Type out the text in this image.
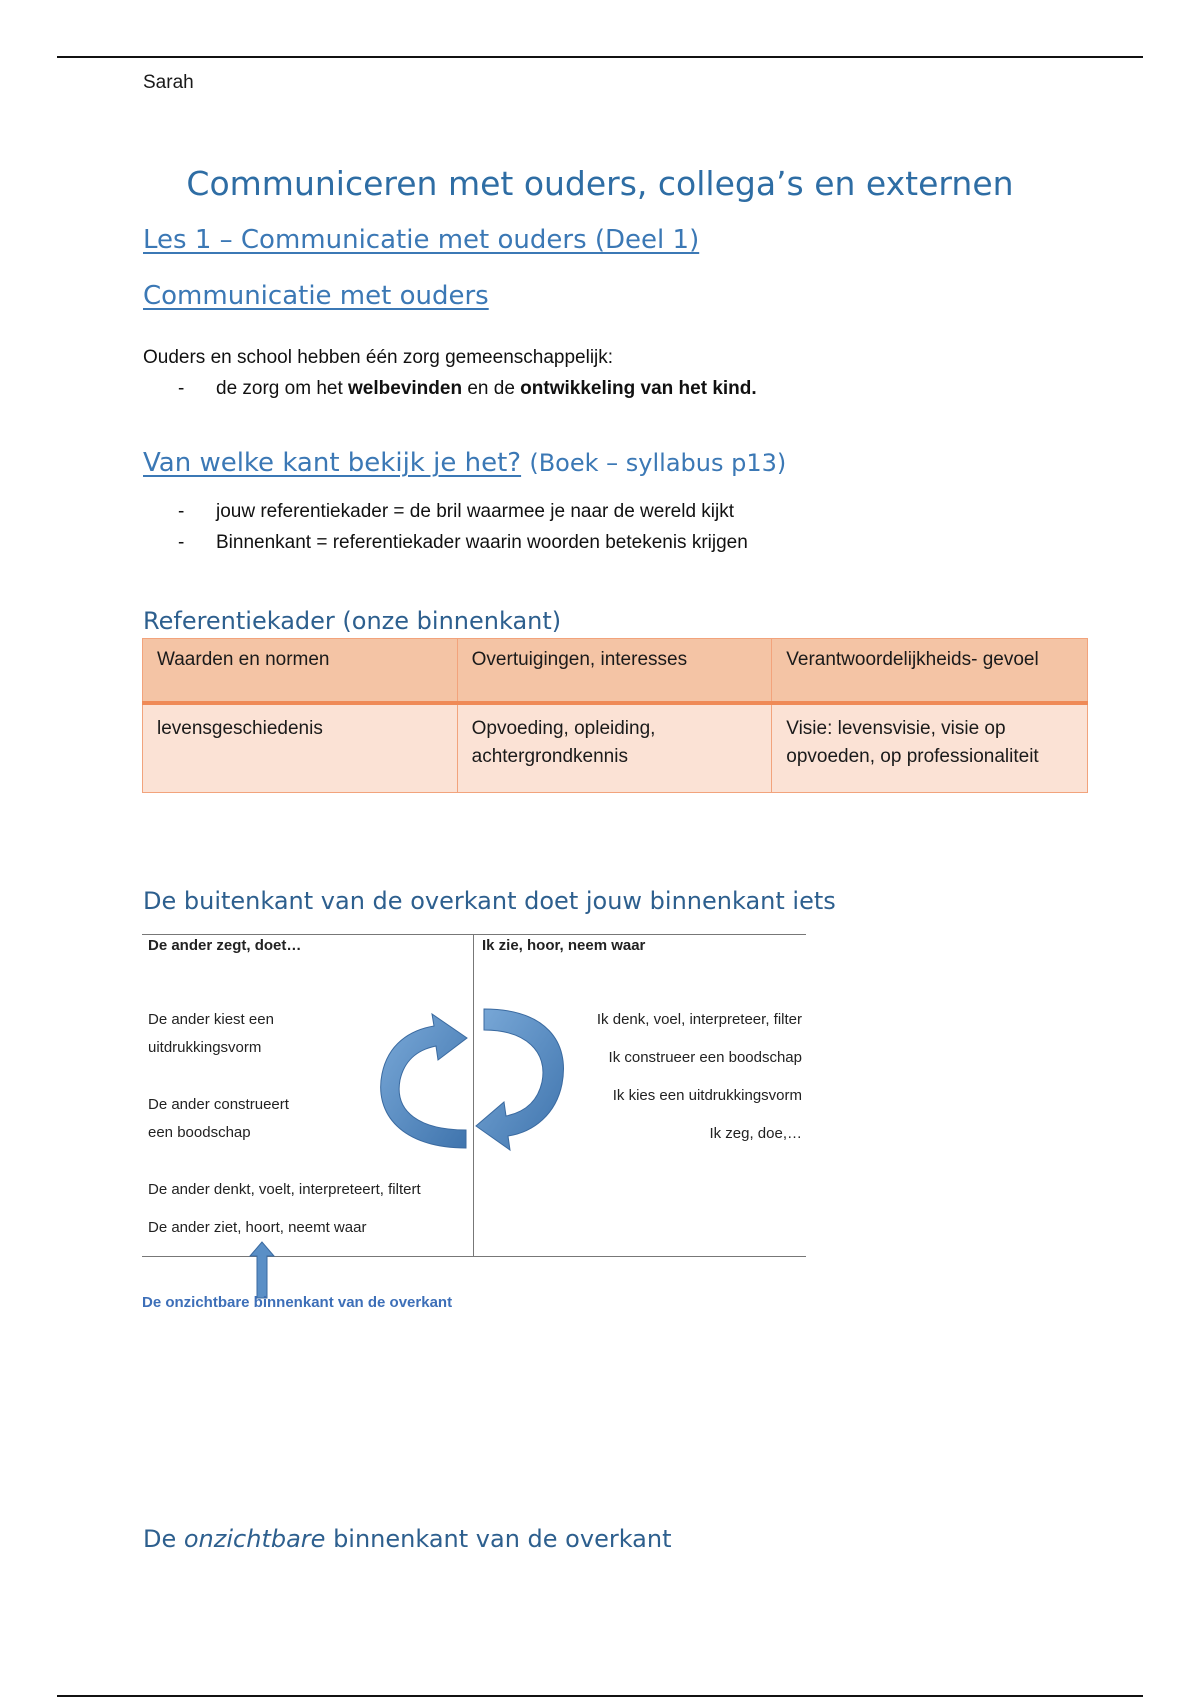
Sarah
Communiceren met ouders, collega’s en externen
Les 1 – Communicatie met ouders (Deel 1)
Communicatie met ouders
Ouders en school hebben één zorg gemeenschappelijk:
- de zorg om het welbevinden en de ontwikkeling van het kind.
Van welke kant bekijk je het? (Boek – syllabus p13)
- jouw referentiekader = de bril waarmee je naar de wereld kijkt
- Binnenkant = referentiekader waarin woorden betekenis krijgen
Referentiekader (onze binnenkant)
Waarden en normen	Overtuigingen, interesses	Verantwoordelijkheids- gevoel
levensgeschiedenis	Opvoeding, opleiding, achtergrondkennis	Visie: levensvisie, visie op opvoeden, op professionaliteit
De buitenkant van de overkant doet jouw binnenkant iets
De ander zegt, doet…	Ik zie, hoor, neem waar
De ander kiest een
uitdrukkingsvorm
De ander construeert
een boodschap
De ander denkt, voelt, interpreteert, filtert
De ander ziet, hoort, neemt waar
Ik denk, voel, interpreteer, filter
Ik construeer een boodschap
Ik kies een uitdrukkingsvorm
Ik zeg, doe,…
De onzichtbare binnenkant van de overkant
De onzichtbare binnenkant van de overkant
